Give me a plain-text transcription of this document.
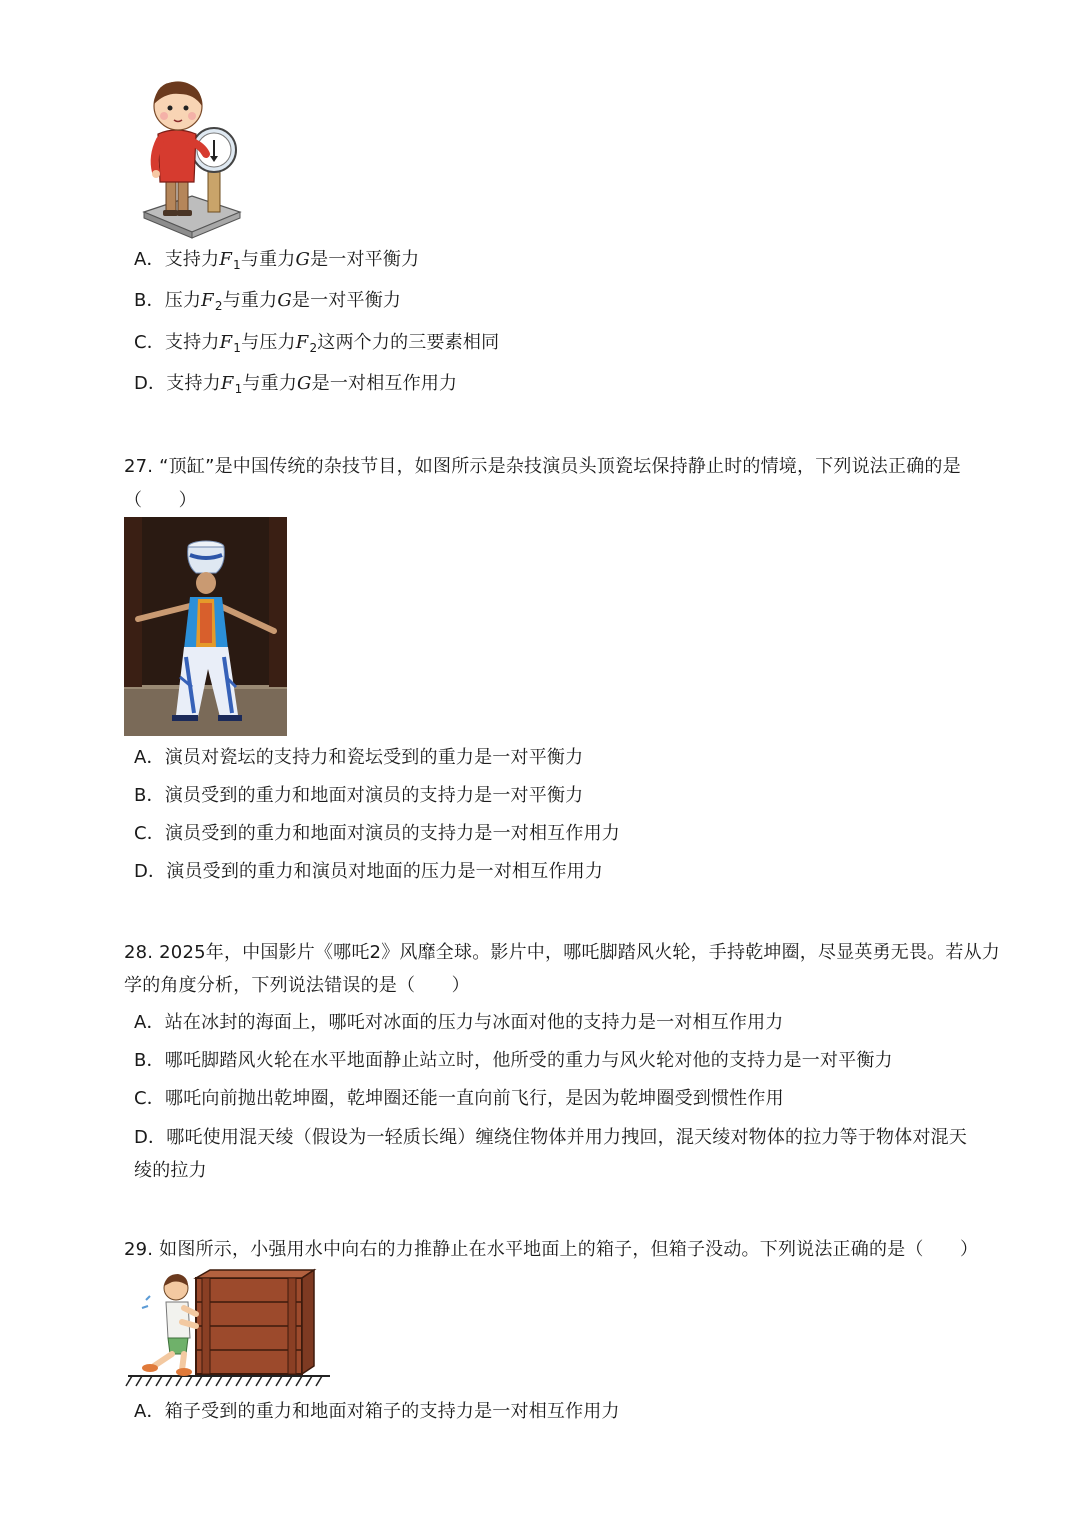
A．支持力$F_1$与重力G是一对平衡力
B．压力$F_2$与重力G是一对平衡力
C．支持力$F_1$与压力$F_2$这两个力的三要素相同
D．支持力$F_1$与重力G是一对相互作用力
27. “顶缸”是中国传统的杂技节目，如图所示是杂技演员头顶瓷坛保持静止时的情境，下列说法正确的是
（　　）
A．演员对瓷坛的支持力和瓷坛受到的重力是一对平衡力
B．演员受到的重力和地面对演员的支持力是一对平衡力
C．演员受到的重力和地面对演员的支持力是一对相互作用力
D．演员受到的重力和演员对地面的压力是一对相互作用力
28. 2025年，中国影片《哪吒2》风靡全球。影片中，哪吒脚踏风火轮，手持乾坤圈，尽显英勇无畏。若从力
学的角度分析，下列说法错误的是（　　）
A．站在冰封的海面上，哪吒对冰面的压力与冰面对他的支持力是一对相互作用力
B．哪吒脚踏风火轮在水平地面静止站立时，他所受的重力与风火轮对他的支持力是一对平衡力
C．哪吒向前抛出乾坤圈，乾坤圈还能一直向前飞行，是因为乾坤圈受到惯性作用
D．哪吒使用混天绫（假设为一轻质长绳）缠绕住物体并用力拽回，混天绫对物体的拉力等于物体对混天
绫的拉力
29. 如图所示，小强用水中向右的力推静止在水平地面上的箱子，但箱子没动。下列说法正确的是（　　）
A．箱子受到的重力和地面对箱子的支持力是一对相互作用力
